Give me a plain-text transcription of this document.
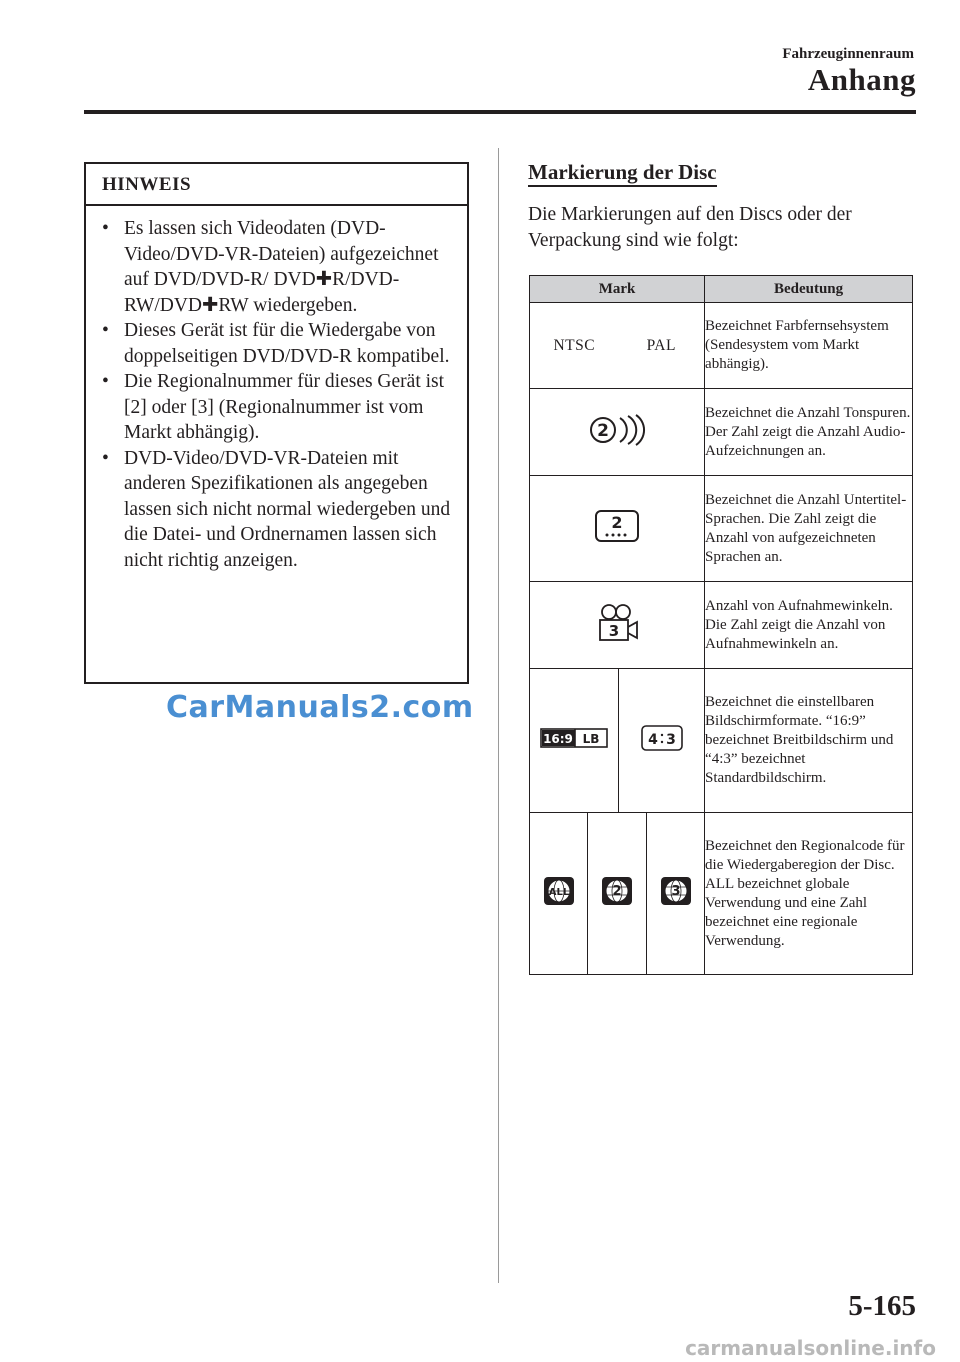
Fahrzeuginnenraum
Anhang
HINWEIS
• Es lassen sich Videodaten (DVD-Video/DVD-VR-Dateien) aufgezeichnet auf DVD/DVD-R/ DVD✚R/DVD-RW/DVD✚RW wiedergeben.
• Dieses Gerät ist für die Wiedergabe von doppelseitigen DVD/DVD-R kompatibel.
• Die Regionalnummer für dieses Gerät ist [2] oder [3] (Regionalnummer ist vom Markt abhängig).
• DVD-Video/DVD-VR-Dateien mit anderen Spezifikationen als angegeben lassen sich nicht normal wiedergeben und die Datei- und Ordnernamen lassen sich nicht richtig anzeigen.
CarManuals2.com
Markierung der Disc
Die Markierungen auf den Discs oder der Verpackung sind wie folgt:
Mark				Bedeutung
NTSC		PAL		Bezeichnet Farbfernsehsystem (Sendesystem vom Markt abhängig).

2				Bezeichnet die Anzahl Tonspuren. Der Zahl zeigt die Anzahl Audio-Aufzeichnungen an.

2				Bezeichnet die Anzahl Untertitel-Sprachen. Die Zahl zeigt die Anzahl von aufgezeichneten Sprachen an.

3				Anzahl von Aufnahmewinkeln. Die Zahl zeigt die Anzahl von Aufnahmewinkeln an.

16:9 LB		4 3		Bezeichnet die einstellbaren Bildschirmformate. “16:9” bezeichnet Breitbildschirm und “4:3” bezeichnet Standardbildschirm.

ALL	2		3	Bezeichnet den Regionalcode für die Wiedergaberegion der Disc. ALL bezeichnet globale Verwendung und eine Zahl bezeichnet eine regionale Verwendung.
5-165
carmanualsonline.info
